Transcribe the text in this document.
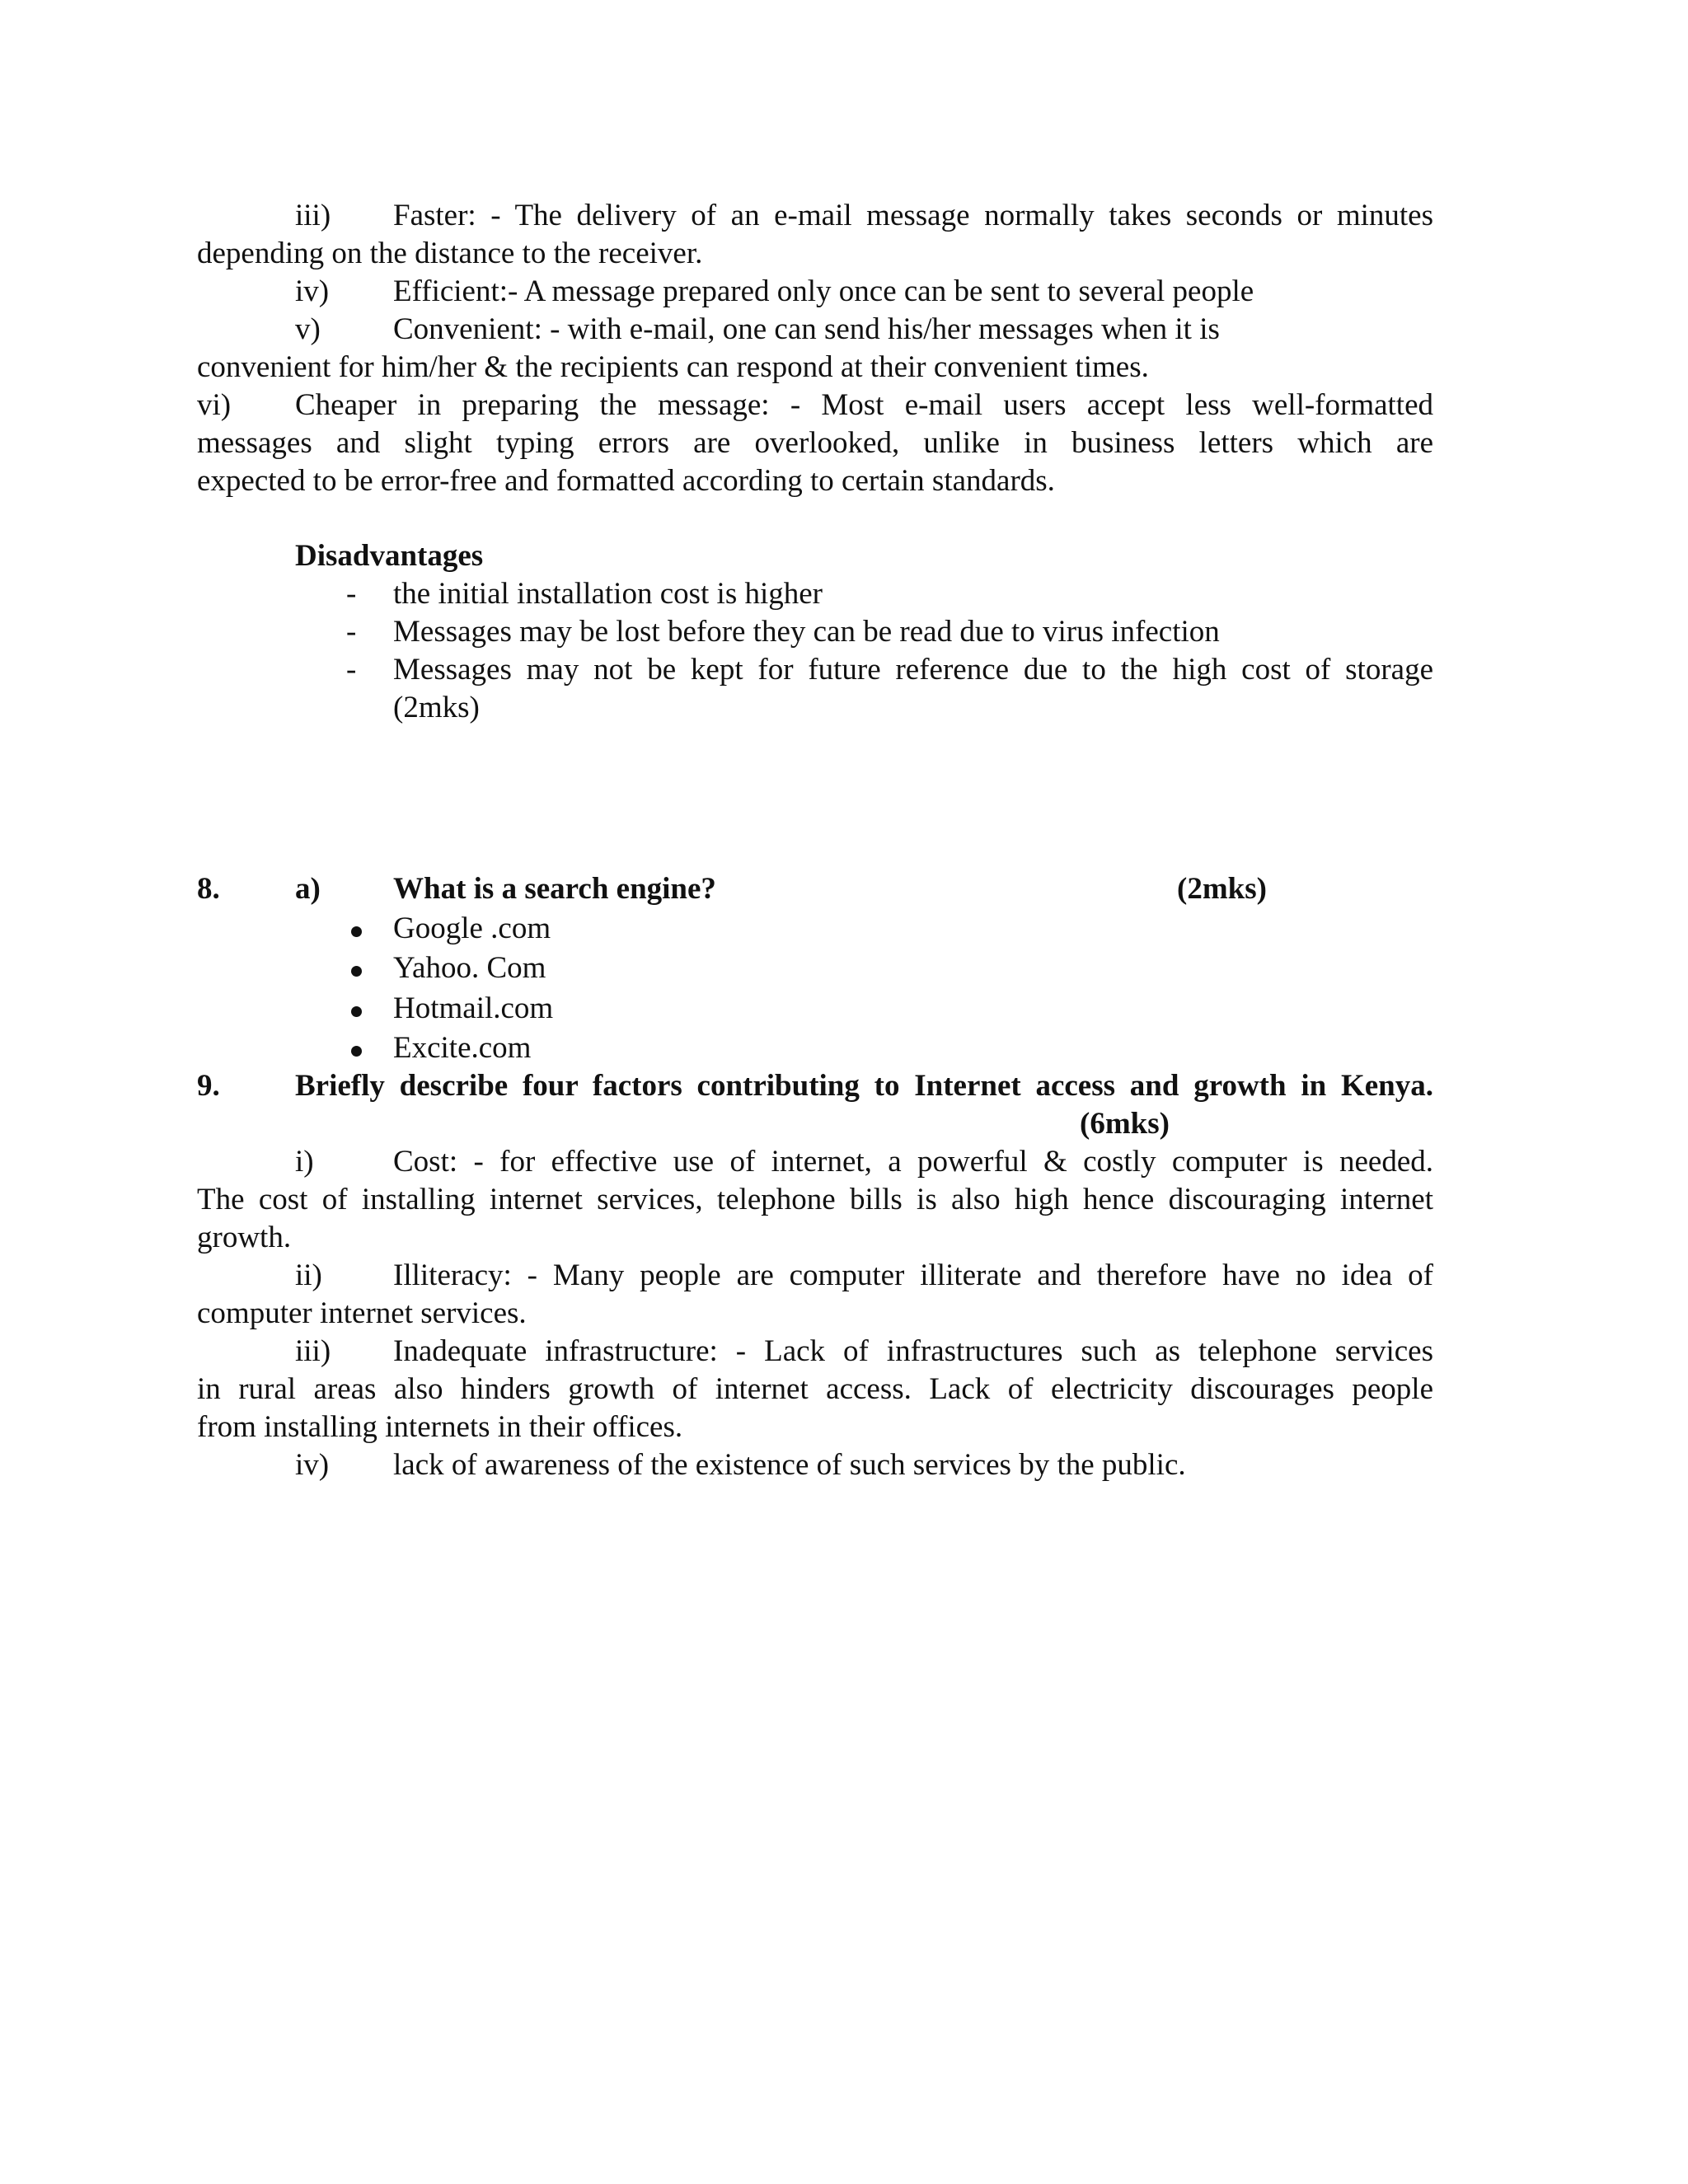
iii) Faster: - The delivery of an e-mail message normally takes seconds or minutes
depending on the distance to the receiver.
iv) Efficient:- A message prepared only once can be sent to several people
v) Convenient: - with e-mail, one can send his/her messages when it is
convenient for him/her & the recipients can respond at their convenient times.
vi) Cheaper in preparing the message: - Most e-mail users accept less well-formatted
messages and slight typing errors are overlooked, unlike in business letters which are
expected to be error-free and formatted according to certain standards.
Disadvantages
- the initial installation cost is higher
- Messages may be lost before they can be read due to virus infection
- Messages may not be kept for future reference due to the high cost of storage
(2mks)
8. a) What is a search engine?	(2mks)
Google .com
Yahoo. Com
Hotmail.com
Excite.com
9. Briefly describe four factors contributing to Internet access and growth in Kenya.
(6mks)
i)	Cost: - for effective use of internet, a powerful & costly computer is needed.
The cost of installing internet services, telephone bills is also high hence discouraging internet
growth.
ii) Illiteracy: - Many people are computer illiterate and therefore have no idea of
computer internet services.
iii) Inadequate infrastructure: - Lack of infrastructures such as telephone services
in rural areas also hinders growth of internet access. Lack of electricity discourages people
from installing internets in their offices.
iv) lack of awareness of the existence of such services by the public.
